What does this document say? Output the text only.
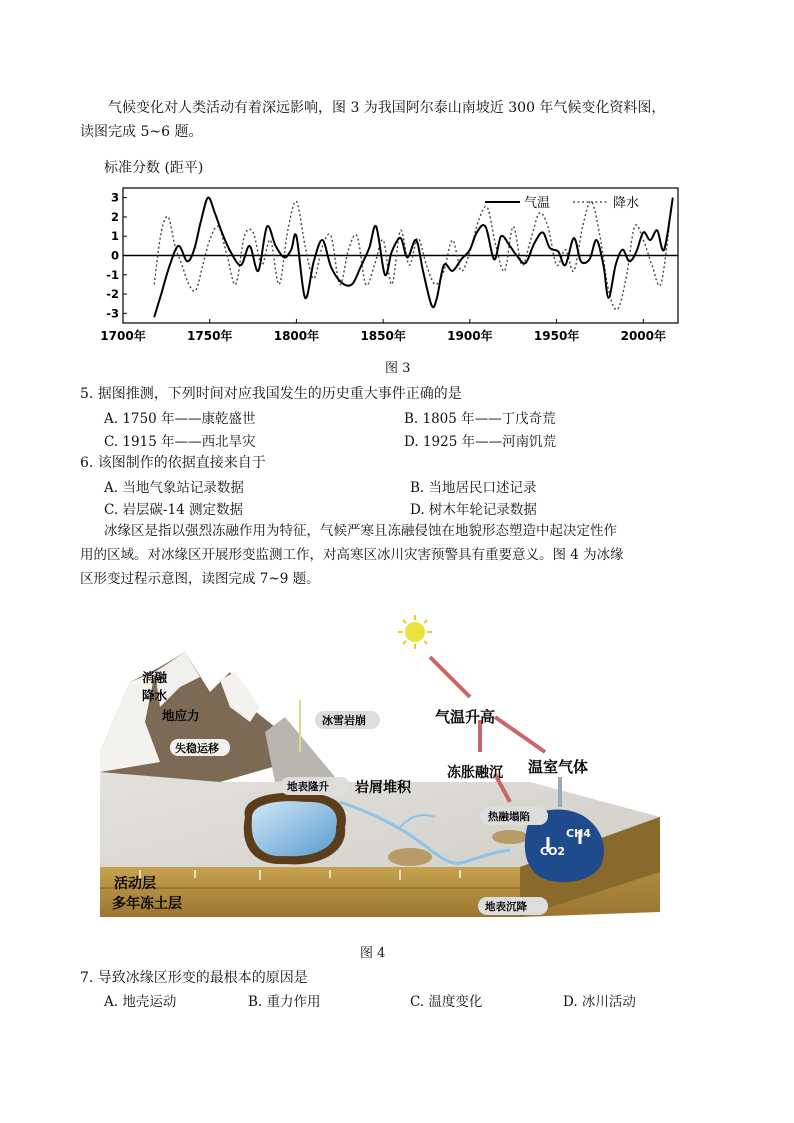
气候变化对人类活动有着深远影响，图 3 为我国阿尔泰山南坡近 300 年气候变化资料图，
读图完成 5~6 题。
标准分数 (距平)
3
2
1
0
-1
-2
-3
1700年	1750年	1800年	1850年	1900年	1950年	2000年
气温	降水
图 3
5. 据图推测，下列时间对应我国发生的历史重大事件正确的是
A. 1750 年——康乾盛世	B. 1805 年——丁戊奇荒
C. 1915 年——西北旱灾	D. 1925 年——河南饥荒
6. 该图制作的依据直接来自于
A. 当地气象站记录数据	B. 当地居民口述记录
C. 岩层碳-14 测定数据	D. 树木年轮记录数据
冰缘区是指以强烈冻融作用为特征，气候严寒且冻融侵蚀在地貌形态塑造中起决定性作
用的区域。对冰缘区开展形变监测工作，对高寒区冰川灾害预警具有重要意义。图 4 为冰缘
区形变过程示意图，读图完成 7~9 题。
消融
降水
地应力
失稳运移
冰雪岩崩
地表隆升 岩屑堆积
气温升高
冻胀融沉 温室气体
热融塌陷
CH4
CO2
活动层
多年冻土层	地表沉降
图 4
7. 导致冰缘区形变的最根本的原因是
A. 地壳运动	B. 重力作用	C. 温度变化	D. 冰川活动
